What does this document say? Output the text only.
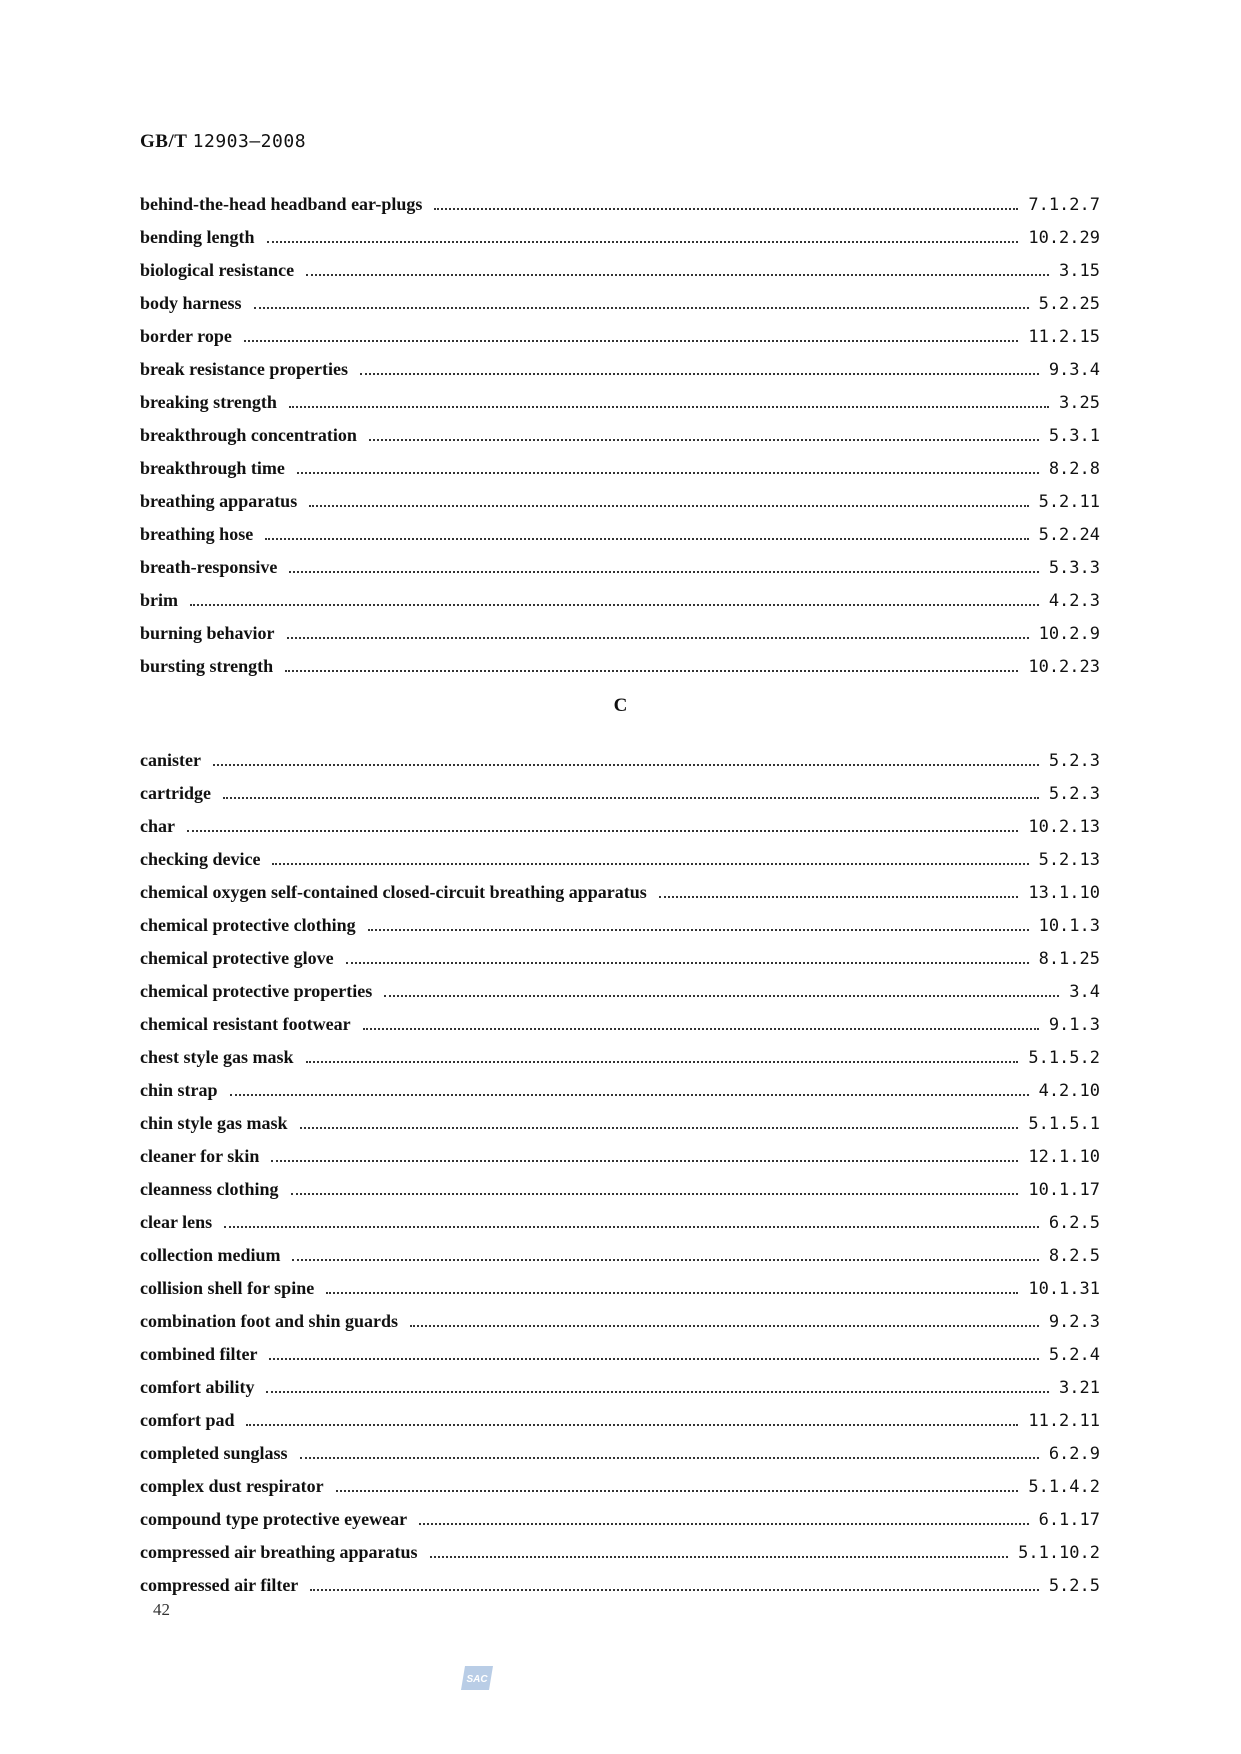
GB/T 12903—2008
behind-the-head headband ear-plugs	7.1.2.7
bending length	10.2.29
biological resistance	3.15
body harness	5.2.25
border rope	11.2.15
break resistance properties	9.3.4
breaking strength	3.25
breakthrough concentration	5.3.1
breakthrough time	8.2.8
breathing apparatus	5.2.11
breathing hose	5.2.24
breath-responsive	5.3.3
brim	4.2.3
burning behavior	10.2.9
bursting strength	10.2.23
C
canister	5.2.3
cartridge	5.2.3
char	10.2.13
checking device	5.2.13
chemical oxygen self-contained closed-circuit breathing apparatus	13.1.10
chemical protective clothing	10.1.3
chemical protective glove	8.1.25
chemical protective properties	3.4
chemical resistant footwear	9.1.3
chest style gas mask	5.1.5.2
chin strap	4.2.10
chin style gas mask	5.1.5.1
cleaner for skin	12.1.10
cleanness clothing	10.1.17
clear lens	6.2.5
collection medium	8.2.5
collision shell for spine	10.1.31
combination foot and shin guards	9.2.3
combined filter	5.2.4
comfort ability	3.21
comfort pad	11.2.11
completed sunglass	6.2.9
complex dust respirator	5.1.4.2
compound type protective eyewear	6.1.17
compressed air breathing apparatus	5.1.10.2
compressed air filter	5.2.5
42
SAC
